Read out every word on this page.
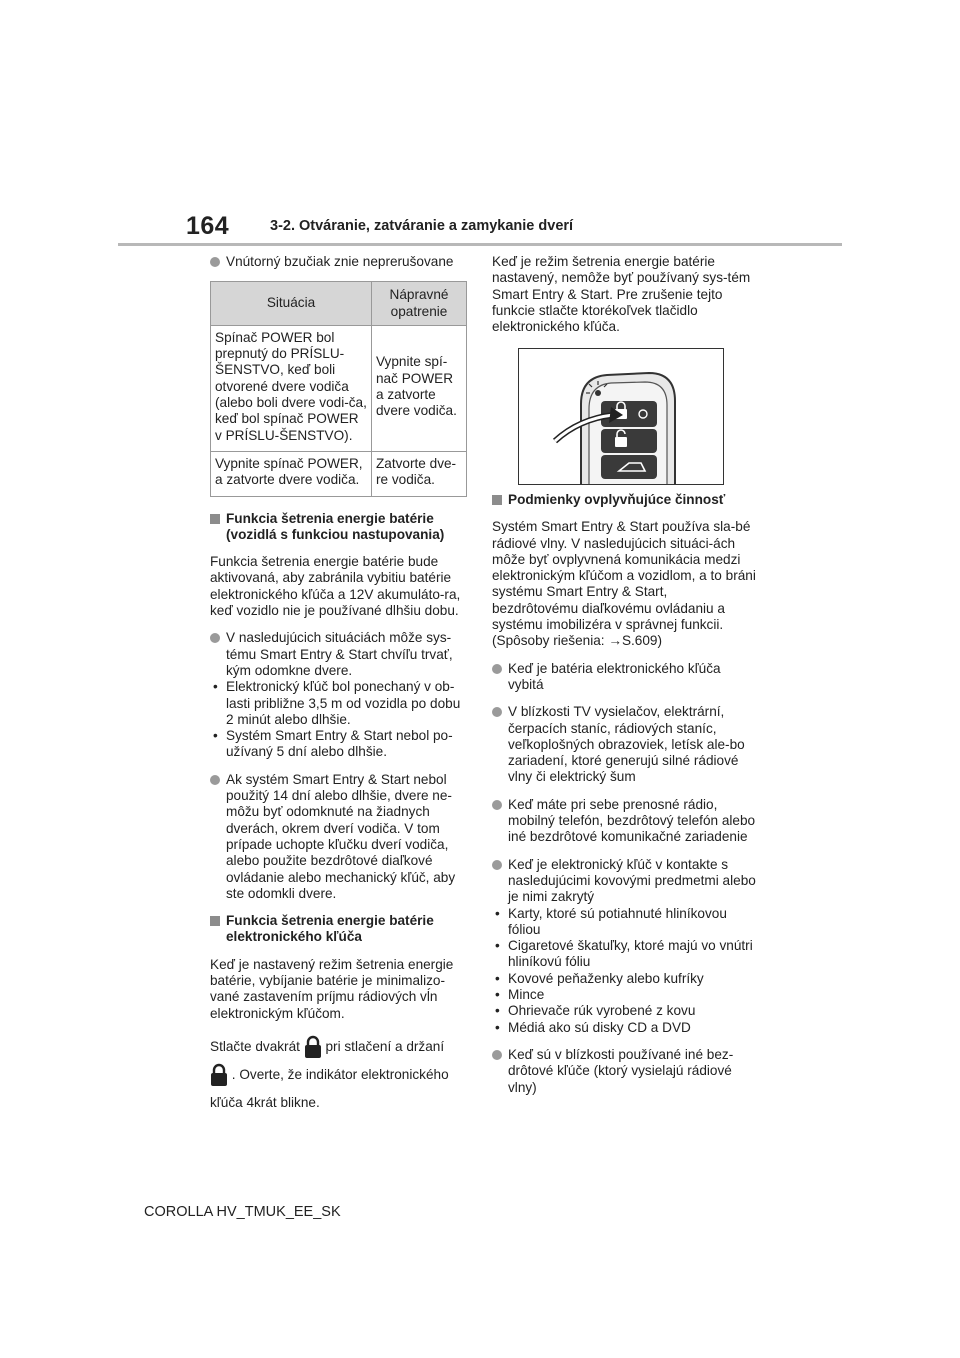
164	3-2. Otváranie, zatváranie a zamykanie dverí
Vnútorný bzučiak znie neprerušovane
Situácia	Nápravné
opatrenie
Spínač POWER bol prepnutý do PRÍSLU-ŠENSTVO, keď boli otvorené dvere vodiča (alebo boli dvere vodi-ča, keď bol spínač POWER v PRÍSLU-ŠENSTVO).	Vypnite spí-nač POWER a zatvorte dvere vodiča.
Vypnite spínač POWER, a zatvorte dvere vodiča.	Zatvorte dve-re vodiča.
Funkcia šetrenia energie batérie (vozidlá s funkciou nastupovania)
Funkcia šetrenia energie batérie bude aktivovaná, aby zabránila vybitiu batérie elektronického kľúča a 12V akumuláto-ra, keď vozidlo nie je používané dlhšiu dobu.
V nasledujúcich situáciách môže sys-tému Smart Entry & Start chvíľu trvať, kým odomkne dvere.
• Elektronický kľúč bol ponechaný v ob-lasti približne 3,5 m od vozidla po dobu 2 minút alebo dlhšie.
• Systém Smart Entry & Start nebol po-užívaný 5 dní alebo dlhšie.
Ak systém Smart Entry & Start nebol použitý 14 dní alebo dlhšie, dvere ne-môžu byť odomknuté na žiadnych dverách, okrem dverí vodiča. V tom prípade uchopte kľučku dverí vodiča, alebo použite bezdrôtové diaľkové ovládanie alebo mechanický kľúč, aby ste odomkli dvere.
Funkcia šetrenia energie batérie elektronického kľúča
Keď je nastavený režim šetrenia energie batérie, vybíjanie batérie je minimalizo-vané zastavením príjmu rádiových vĺn elektronickým kľúčom.
Stlačte dvakrát pri stlačení a držaní
. Overte, že indikátor elektronického kľúča 4krát blikne.
Keď je režim šetrenia energie batérie nastavený, nemôže byť používaný sys-tém Smart Entry & Start. Pre zrušenie tejto funkcie stlačte ktorékoľvek tlačidlo elektronického kľúča.
Podmienky ovplyvňujúce činnosť
Systém Smart Entry & Start používa sla-bé rádiové vlny. V nasledujúcich situáci-ách môže byť ovplyvnená komunikácia medzi elektronickým kľúčom a vozidlom, a to bráni systému Smart Entry & Start, bezdrôtovému diaľkovému ovládaniu a systému imobilizéra v správnej funkcii. (Spôsoby riešenia: →S.609)
Keď je batéria elektronického kľúča vybitá
V blízkosti TV vysielačov, elektrární, čerpacích staníc, rádiových staníc, veľkoplošných obrazoviek, letísk ale-bo zariadení, ktoré generujú silné rádiové vlny či elektrický šum
Keď máte pri sebe prenosné rádio, mobilný telefón, bezdrôtový telefón alebo iné bezdrôtové komunikačné zariadenie
Keď je elektronický kľúč v kontakte s nasledujúcimi kovovými predmetmi alebo je nimi zakrytý
• Karty, ktoré sú potiahnuté hliníkovou fóliou
• Cigaretové škatuľky, ktoré majú vo vnútri hliníkovú fóliu
• Kovové peňaženky alebo kufríky
• Mince
• Ohrievače rúk vyrobené z kovu
• Médiá ako sú disky CD a DVD
Keď sú v blízkosti používané iné bez-drôtové kľúče (ktorý vysielajú rádiové vlny)
COROLLA HV_TMUK_EE_SK
